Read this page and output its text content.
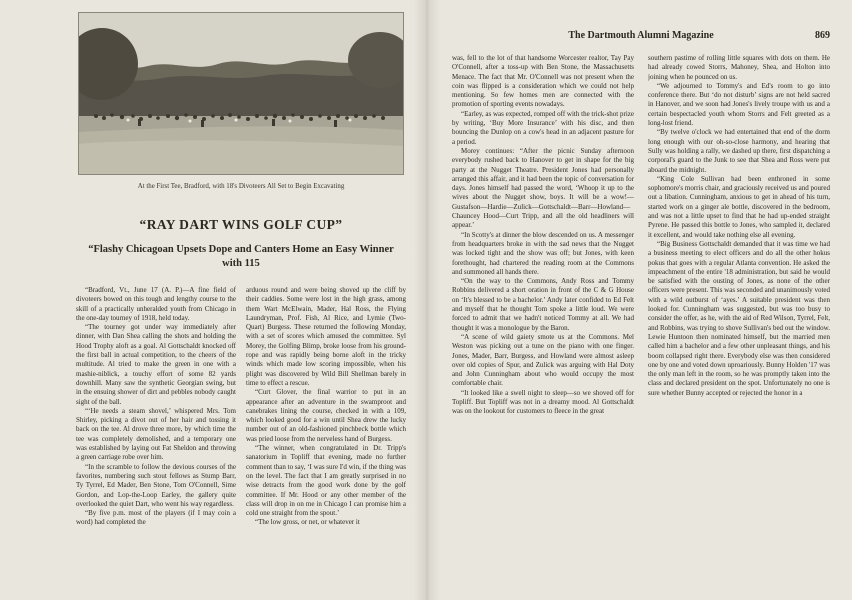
At the First Tee, Bradford, with 18's Divoteers All Set to Begin Excavating
“RAY DART WINS GOLF CUP”
“Flashy Chicagoan Upsets Dope and Canters Home an Easy Winner with 115

“Bradford, Vt., June 17 (A. P.)—A fine field of divoteers bowed on this tough and lengthy course to the skill of a practically unheralded youth from Chicago in the one-day tourney of 1918, held today.

“The tourney got under way immediately after dinner, with Dan Shea calling the shots and holding the Hood Trophy aloft as a goal. Al Gottschaldt knocked off the first ball in actual competition, to the cheers of the multitude. Al tried to make the green in one with a mashie-niblick, a touchy effort of some 82 yards downhill. Many saw the synthetic Georgian swing, but in the ensuing shower of dirt and pebbles nobody caught sight of the ball.

“‘He needs a steam shovel,’ whispered Mrs. Tom Shirley, picking a divot out of her hair and tossing it back on the tee. Al drove three more, by which time the tee was completely demolished, and a temporary one was established by laying out Fat Sheldon and throwing a green carriage robe over him.

“In the scramble to follow the devious courses of the favorites, numbering such stout fellows as Stump Barr, Ty Tyrrel, Ed Mader, Ben Stone, Tom O'Connell, Sime Gordon, and Lop-the-Loop Earley, the gallery quite overlooked the quiet Dart, who went his way regardless.

“By five p.m. most of the players (if I may coin a word) had completed the

arduous round and were being shoved up the cliff by their caddies. Some were lost in the high grass, among them Wart McElwain, Mader, Hal Ross, the Flying Laundryman, Prof. Fish, Al Rice, and Lymie (Two-Quart) Burgess. These returned the following Monday, with a set of scores which amused the committee. Syl Morey, the Golfing Blimp, broke loose from his ground-rope and was rapidly being borne aloft in the tricky winds which made low scoring impossible, when his plight was discovered by Wild Bill Shellman barely in time to effect a rescue.

“Curt Glover, the final warrior to put in an appearance after an adventure in the swamproot and canebrakes lining the course, checked in with a 109, which looked good for a win until Shea drew the lucky number out of an old-fashioned pinchbeck bottle which was pried loose from the nerveless hand of Burgess.

“The winner, when congratulated in Dr. Tripp's sanatorium in Topliff that evening, made no further comment than to say, ‘I was sure I'd win, if the thing was on the level. The fact that I am greatly surprised in no wise detracts from the good work done by the golf committee. If Mr. Hood or any other member of the class will drop in on me in Chicago I can promise him a cold one straight from the spout.’

“The low gross, or net, or whatever it

The Dartmouth Alumni Magazine	869

was, fell to the lot of that handsome Worcester realtor, Tay Pay O'Connell, after a toss-up with Ben Stone, the Massachusetts Menace. The fact that Mr. O'Connell was not present when the coin was flipped is a consideration which we could not help mentioning. So few homes men are connected with the promotion of sporting events nowadays.

“Earley, as was expected, romped off with the trick-shot prize by writing, ‘Buy More Insurance’ with his disc, and then bouncing the Dunlop on a cow's head in an adjacent pasture for a period.

Morey continues: “After the picnic Sunday afternoon everybody rushed back to Hanover to get in shape for the big party at the Nugget Theatre. President Jones had personally arranged this affair, and it had been the topic of conversation for days. Jones himself had passed the word, ‘Whoop it up to the wives about the Nugget show, boys. It will be a wow!—Gustafson—Hardie—Zulick—Gottschaldt—Barr—Howland—Chauncey Hood—Curt Tripp, and all the old headliners will appear.’

“In Scotty's at dinner the blow descended on us. A messenger from headquarters broke in with the sad news that the Nugget was locked tight and the show was off; but Jones, with keen forethought, had chartered the reading room at the Commons and summoned all hands there.

“On the way to the Commons, Andy Ross and Tommy Robbins delivered a short oration in front of the C & G House on ‘It's blessed to be a bachelor.’ Andy later confided to Ed Felt and myself that he thought Tom spoke a little loud. We were forced to admit that we hadn't noticed Tommy at all. We had thought it was a monologue by the Baron.

“A scene of wild gaiety smote us at the Commons. Mel Weston was picking out a tune on the piano with one finger. Jones, Mader, Barr, Burgess, and Howland were almost asleep over old copies of Spur, and Zulick was arguing with Hal Doty and John Cunningham about who would occupy the most comfortable chair.

“It looked like a swell night to sleep—so we shoved off for Topliff. But Topliff was not in a dreamy mood. Al Gottschaldt was on the lookout for customers to fleece in the great

southern pastime of rolling little squares with dots on them. He had already cowed Storrs, Mahoney, Shea, and Holton into joining when he pounced on us.

“We adjourned to Tommy's and Ed's room to go into conference there. But ‘do not disturb’ signs are not held sacred in Hanover, and we soon had Jones's lively troupe with us and a certain bespectacled youth whom Storrs and Felt greeted as a long-lost friend.

“By twelve o'clock we had entertained that end of the dorm long enough with our oh-so-close harmony, and hearing that Sully was holding a rally, we dashed up there, first dispatching a corporal's guard to the Junk to see that Shea and Ross were put aboard the midnight.

“King Cole Sullivan had been enthroned in some sophomore's morris chair, and graciously received us and poured out a libation. Cunningham, anxious to get in ahead of his turn, started work on a ginger ale bottle, discovered in the bedroom, and was not a little upset to find that he had up-ended straight Pyrene. He passed this bottle to Jones, who sampled it, declared it excellent, and would take nothing else all evening.

“Big Business Gottschaldt demanded that it was time we had a business meeting to elect officers and do all the other hokus pokus that goes with a regular Atlanta convention. He asked the impeachment of the entire '18 administration, but said he would be satisfied with the ousting of Jones, as none of the other officers were present. This was seconded and unanimously voted with a wild outburst of ‘ayes.’ A suitable president was then looked for. Cunningham was suggested, but was too busy to consider the offer, as he, with the aid of Red Wilson, Tyrrel, Felt, and Robbins, was trying to shove Sullivan's bed out the window. Lewie Huntoon then nominated himself, but the married men called him a bachelor and a few other unpleasant things, and his boom collapsed right there. Everybody else was then considered one by one and voted down uproariously. Bunny Holden '17 was the only man left in the room, so he was promptly taken into the class and declared president on the spot. Unfortunately no one is sure whether Bunny accepted or rejected the honor in a
